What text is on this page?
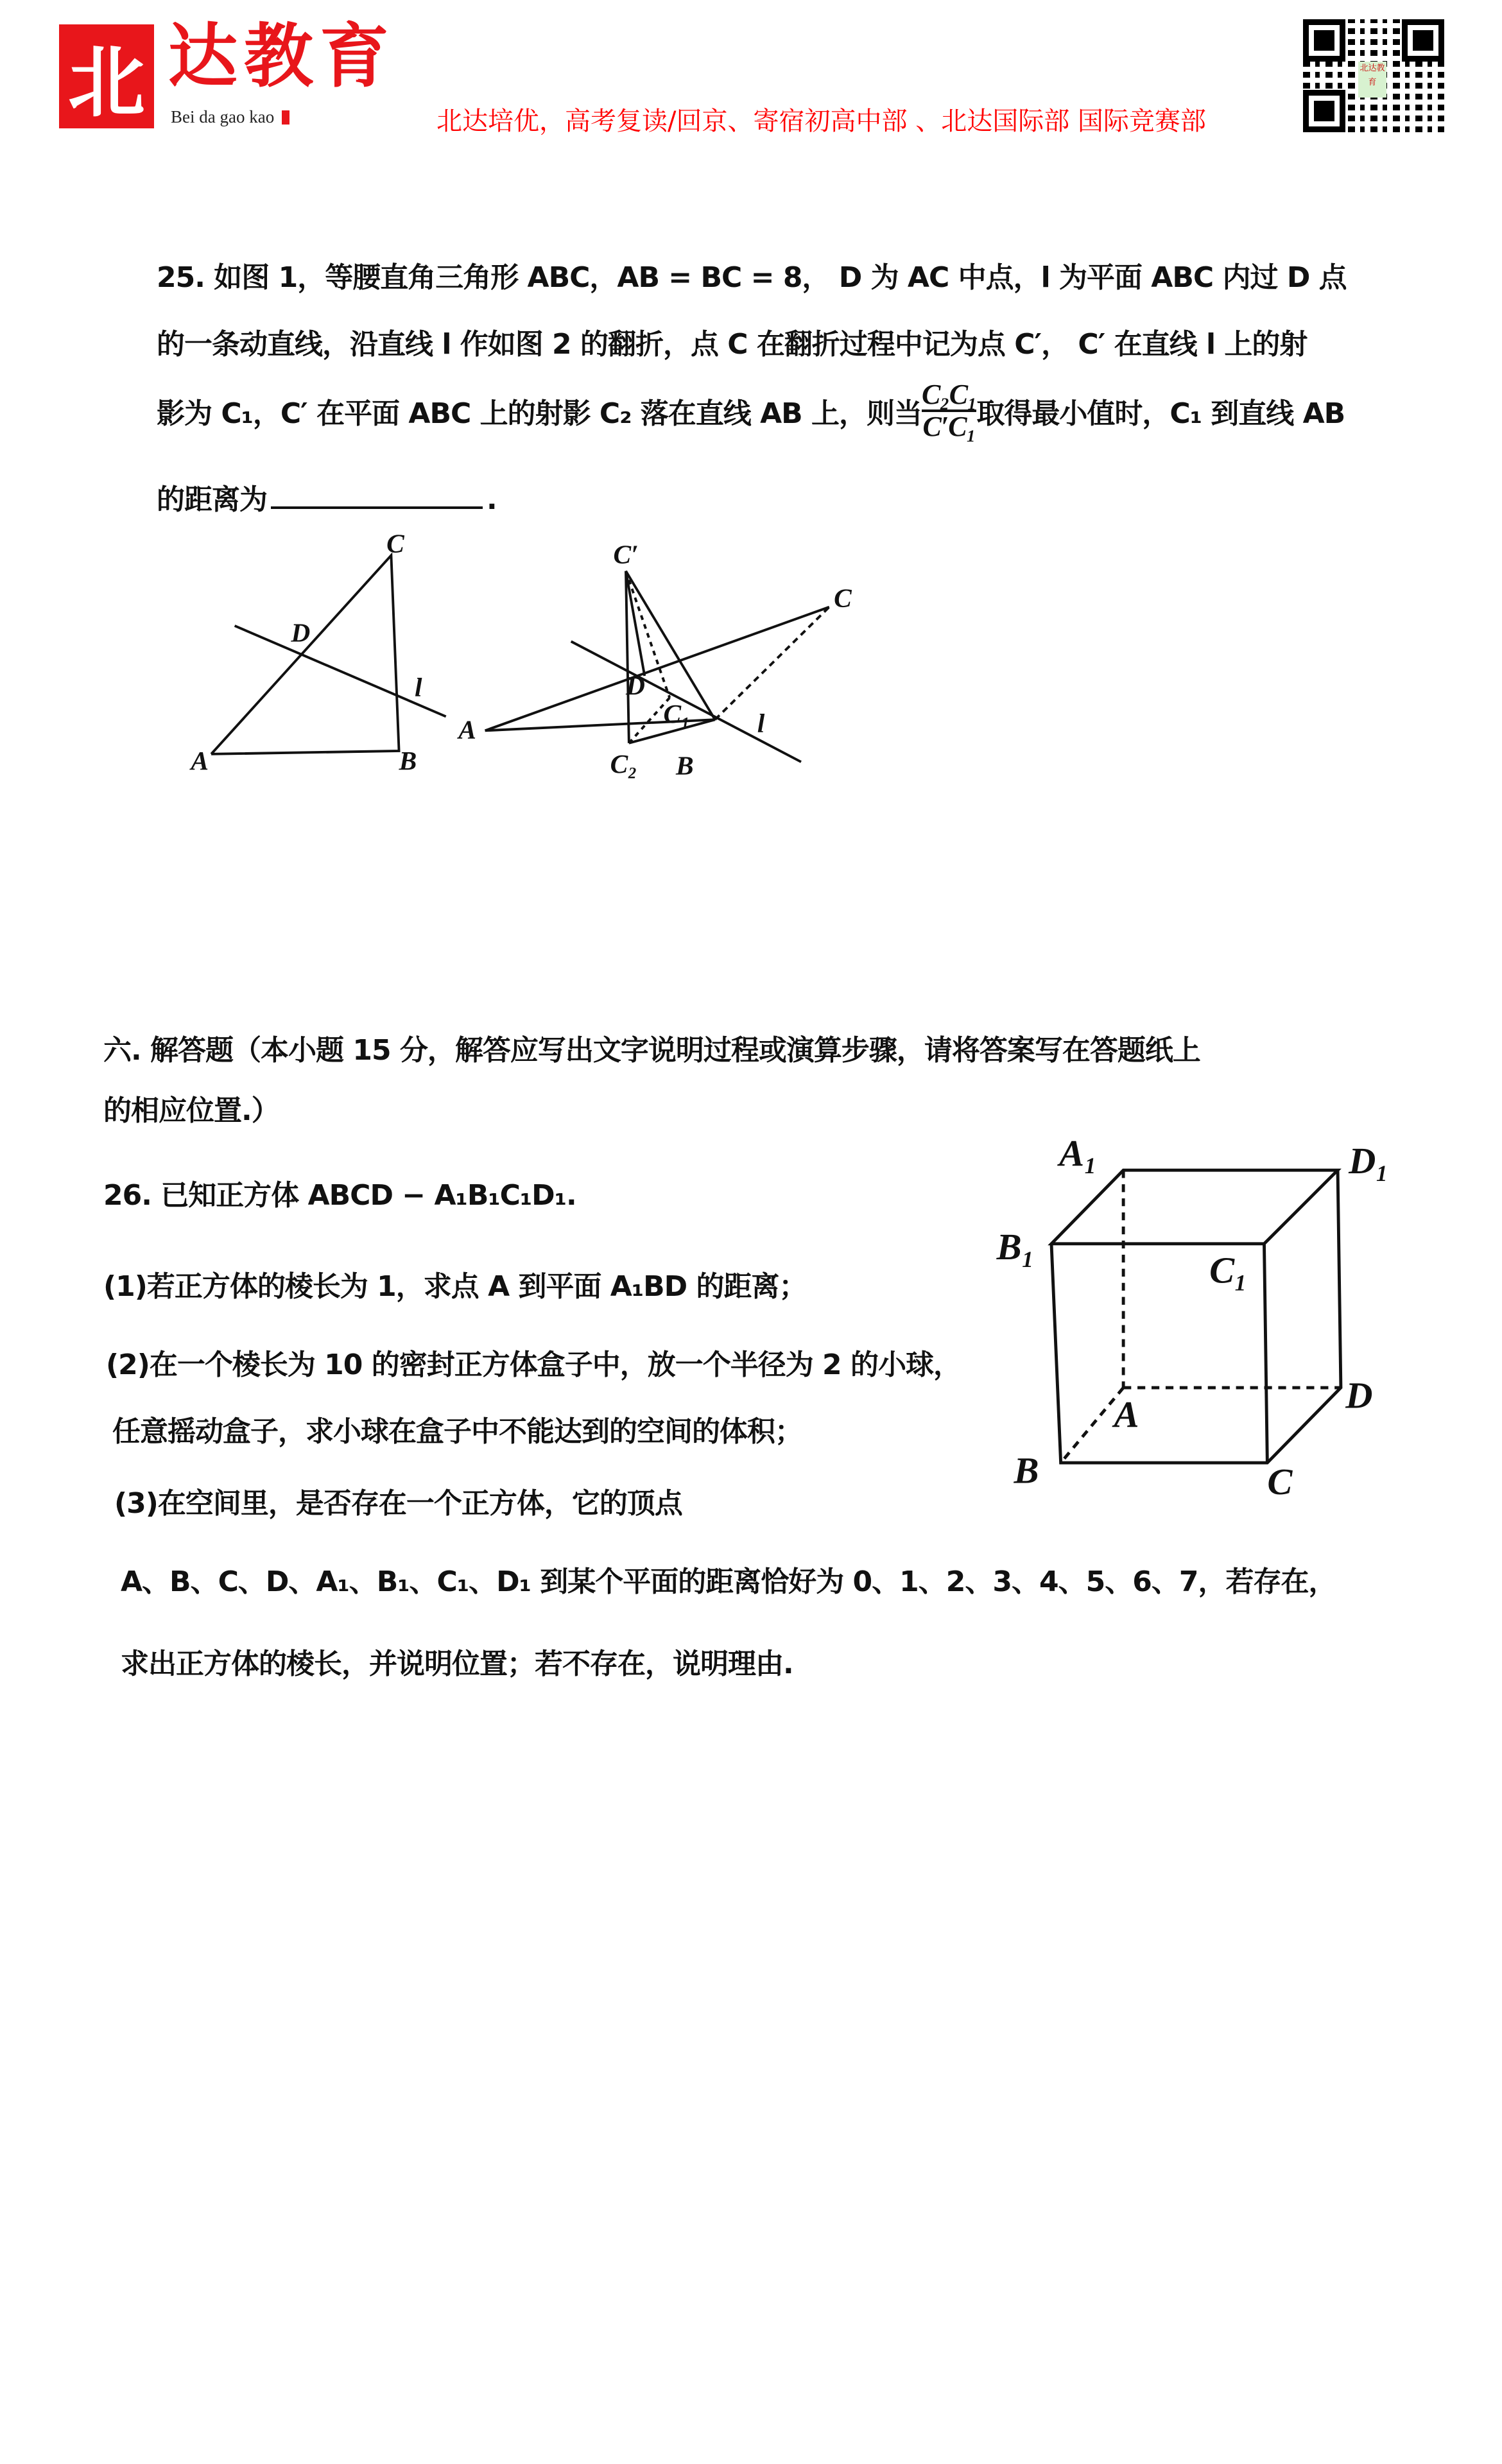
北 达教育
Bei da gao kao	北达培优，高考复读/回京、寄宿初高中部 、北达国际部 国际竞赛部
北达教育
25. 如图 1，等腰直角三角形 ABC，AB = BC = 8， D 为 AC 中点，l 为平面 ABC 内过 D 点
的一条动直线，沿直线 l 作如图 2 的翻折，点 C 在翻折过程中记为点 C′， C′ 在直线 l 上的射
影为 C₁，C′ 在平面 ABC 上的射影 C₂ 落在直线 AB 上，则当 $\frac{\text{C₂C₁}}{\text{C′C₁}}$ 取得最小值时，C₁ 到直线 AB
的距离为	.
A	B
C
D
l
C′
A
B
C
D
C₁
C₂
l
A₁	D₁
B₁
C₁
A	D
B	C
六. 解答题（本小题 15 分，解答应写出文字说明过程或演算步骤，请将答案写在答题纸上
的相应位置.）
26. 已知正方体 ABCD − A₁B₁C₁D₁.
(1)若正方体的棱长为 1，求点 A 到平面 A₁BD 的距离；
(2)在一个棱长为 10 的密封正方体盒子中，放一个半径为 2 的小球，
任意摇动盒子，求小球在盒子中不能达到的空间的体积；
(3)在空间里，是否存在一个正方体，它的顶点
A、B、C、D、A₁、B₁、C₁、D₁ 到某个平面的距离恰好为 0、1、2、3、4、5、6、7，若存在，
求出正方体的棱长，并说明位置；若不存在，说明理由.
